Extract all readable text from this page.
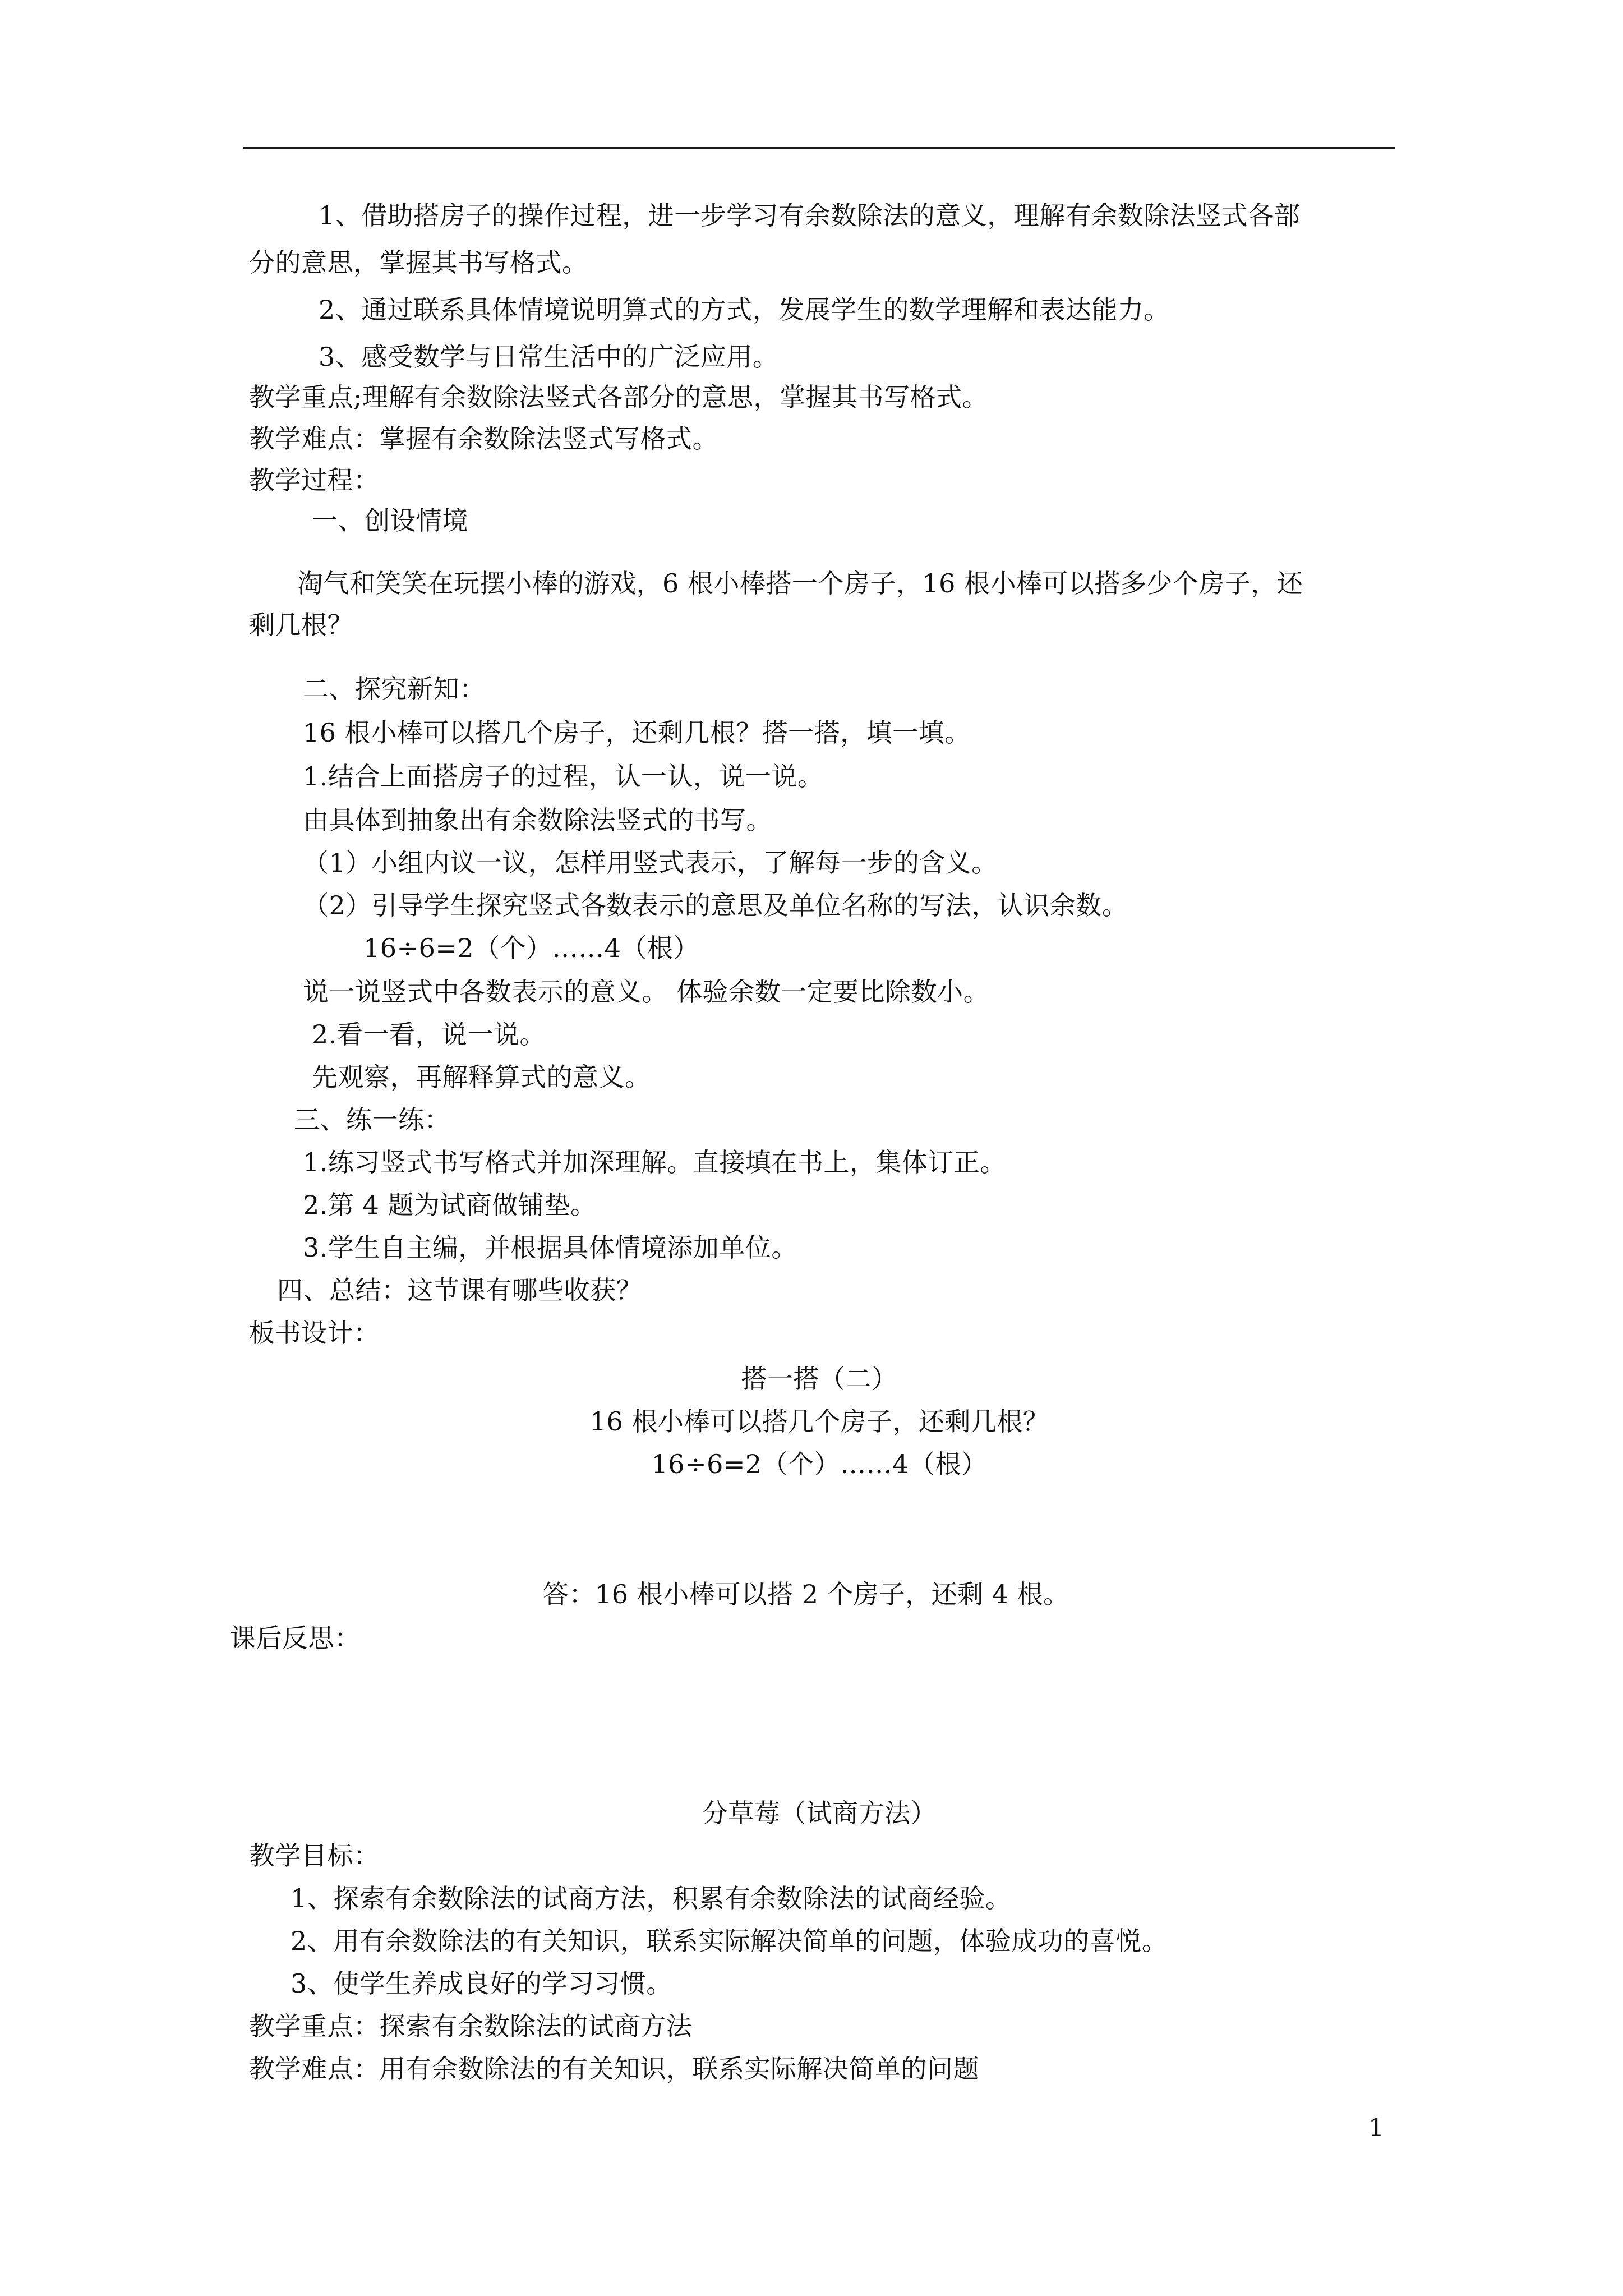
1、借助搭房子的操作过程，进一步学习有余数除法的意义，理解有余数除法竖式各部
分的意思，掌握其书写格式。
2、通过联系具体情境说明算式的方式，发展学生的数学理解和表达能力。
3、感受数学与日常生活中的广泛应用。
教学重点;理解有余数除法竖式各部分的意思，掌握其书写格式。
教学难点：掌握有余数除法竖式写格式。
教学过程：
一、创设情境
淘气和笑笑在玩摆小棒的游戏，6 根小棒搭一个房子，16 根小棒可以搭多少个房子，还
剩几根？
二、探究新知：
16 根小棒可以搭几个房子，还剩几根？搭一搭，填一填。
1.结合上面搭房子的过程，认一认，说一说。
由具体到抽象出有余数除法竖式的书写。
（1）小组内议一议，怎样用竖式表示，了解每一步的含义。
（2）引导学生探究竖式各数表示的意思及单位名称的写法，认识余数。
16÷6=2（个）……4（根）
说一说竖式中各数表示的意义。 体验余数一定要比除数小。
2.看一看，说一说。
先观察，再解释算式的意义。
三、练一练：
1.练习竖式书写格式并加深理解。直接填在书上，集体订正。
2.第 4 题为试商做铺垫。
3.学生自主编，并根据具体情境添加单位。
四、总结：这节课有哪些收获？
板书设计：
搭一搭（二）
16 根小棒可以搭几个房子，还剩几根？
16÷6=2（个）……4（根）
答：16 根小棒可以搭 2 个房子，还剩 4 根。
课后反思：
分草莓（试商方法）
教学目标：
1、探索有余数除法的试商方法，积累有余数除法的试商经验。
2、用有余数除法的有关知识，联系实际解决简单的问题，体验成功的喜悦。
3、使学生养成良好的学习习惯。
教学重点：探索有余数除法的试商方法
教学难点：用有余数除法的有关知识，联系实际解决简单的问题
1
